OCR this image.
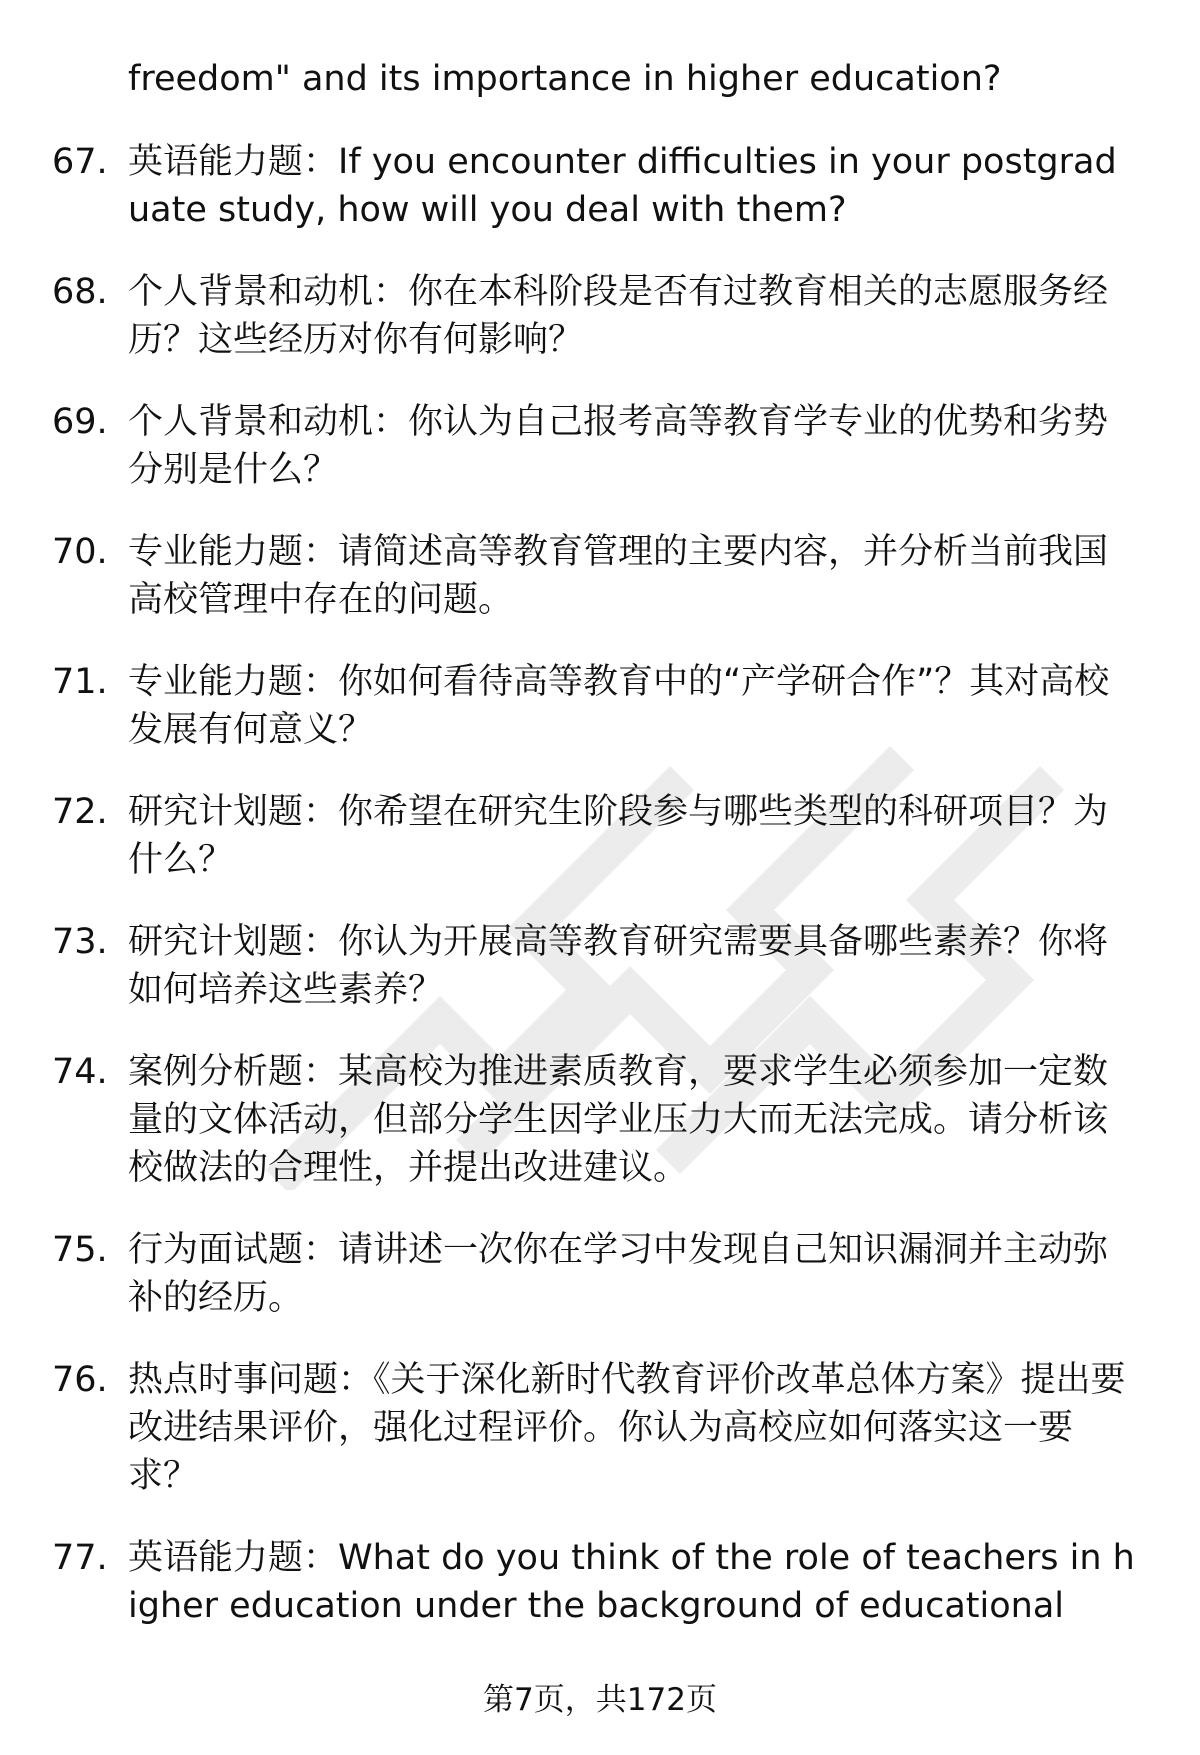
freedom" and its importance in higher education?
67. 英语能力题：If you encounter difficulties in your postgraduate study, how will you deal with them?
68. 个人背景和动机：你在本科阶段是否有过教育相关的志愿服务经历？这些经历对你有何影响？
69. 个人背景和动机：你认为自己报考高等教育学专业的优势和劣势分别是什么？
70. 专业能力题：请简述高等教育管理的主要内容，并分析当前我国高校管理中存在的问题。
71. 专业能力题：你如何看待高等教育中的“产学研合作”？其对高校发展有何意义？
72. 研究计划题：你希望在研究生阶段参与哪些类型的科研项目？为什么？
73. 研究计划题：你认为开展高等教育研究需要具备哪些素养？你将如何培养这些素养？
74. 案例分析题：某高校为推进素质教育，要求学生必须参加一定数量的文体活动，但部分学生因学业压力大而无法完成。请分析该校做法的合理性，并提出改进建议。
75. 行为面试题：请讲述一次你在学习中发现自己知识漏洞并主动弥补的经历。
76. 热点时事问题：《关于深化新时代教育评价改革总体方案》提出要改进结果评价，强化过程评价。你认为高校应如何落实这一要求？
77. 英语能力题：What do you think of the role of teachers in higher education under the background of educational
第7页，共172页
